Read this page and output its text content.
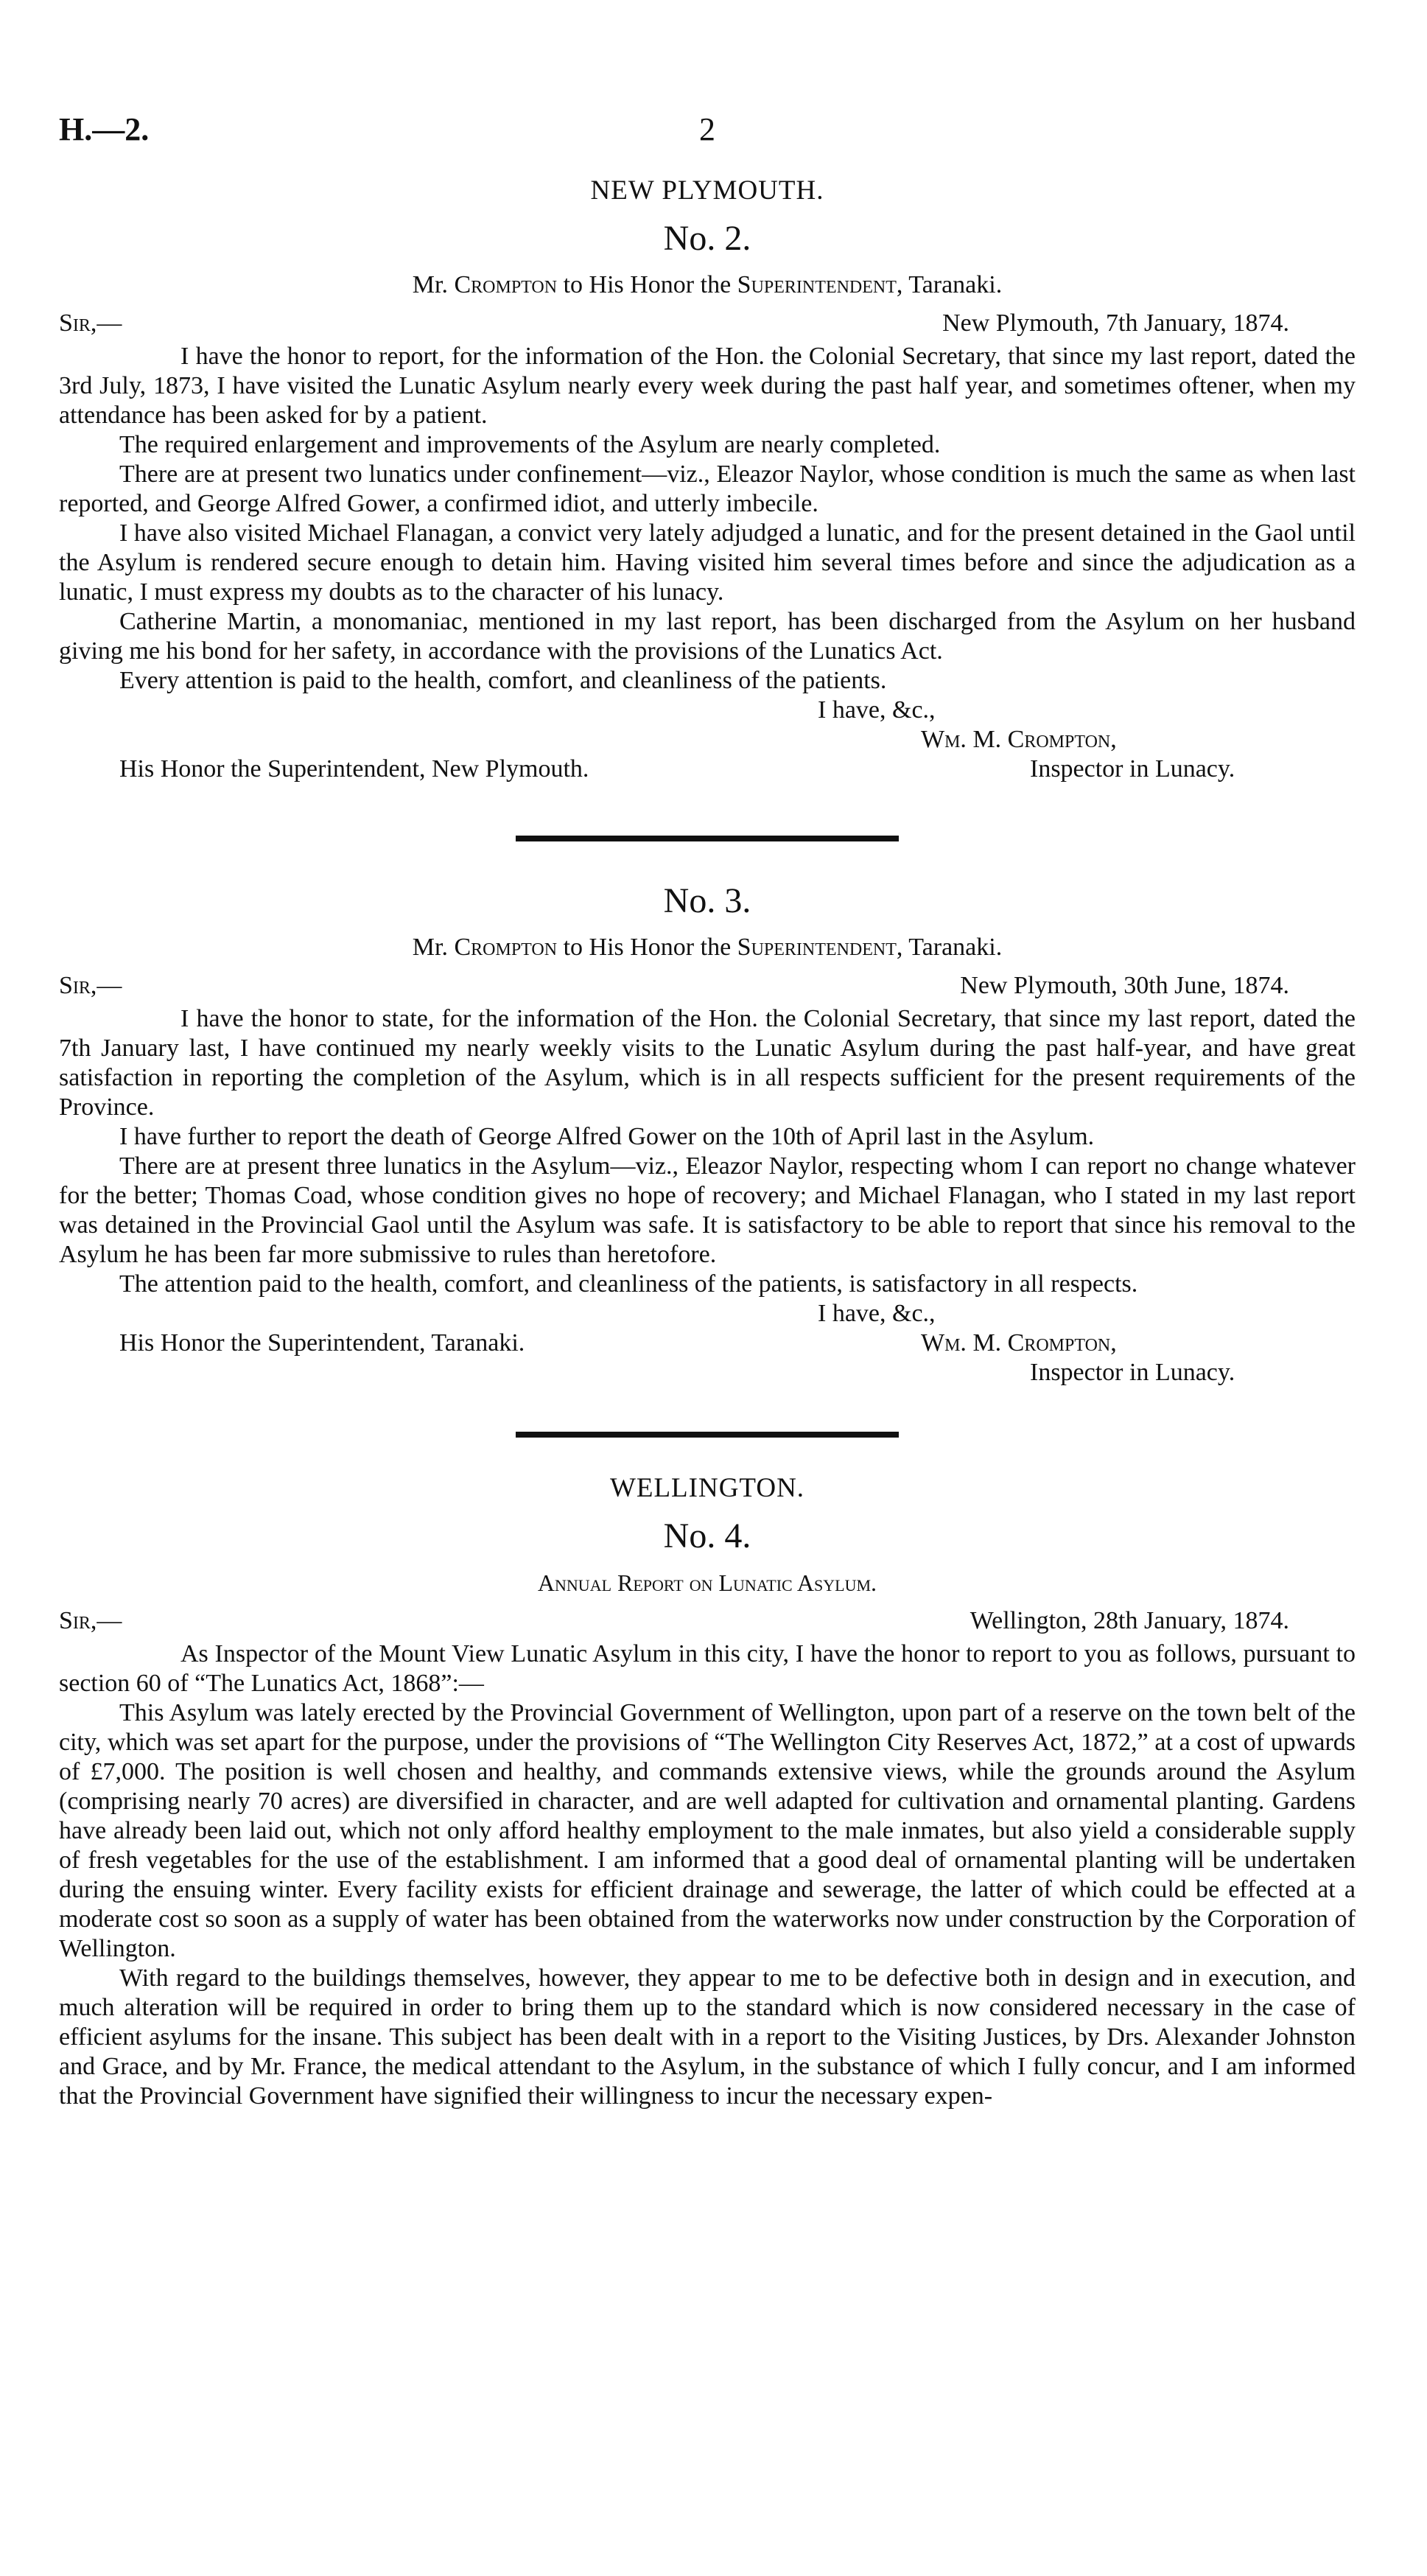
H.—2.	2
NEW PLYMOUTH.
No. 2.
Mr. Crompton to His Honor the Superintendent, Taranaki.
Sir,—	New Plymouth, 7th January, 1874.

I have the honor to report, for the information of the Hon. the Colonial Secretary, that since my last report, dated the 3rd July, 1873, I have visited the Lunatic Asylum nearly every week during the past half year, and sometimes oftener, when my attendance has been asked for by a patient.

The required enlargement and improvements of the Asylum are nearly completed.

There are at present two lunatics under confinement—viz., Eleazor Naylor, whose condition is much the same as when last reported, and George Alfred Gower, a confirmed idiot, and utterly imbecile.

I have also visited Michael Flanagan, a convict very lately adjudged a lunatic, and for the present detained in the Gaol until the Asylum is rendered secure enough to detain him. Having visited him several times before and since the adjudication as a lunatic, I must express my doubts as to the character of his lunacy.

Catherine Martin, a monomaniac, mentioned in my last report, has been discharged from the Asylum on her husband giving me his bond for her safety, in accordance with the provisions of the Lunatics Act.

Every attention is paid to the health, comfort, and cleanliness of the patients.

I have, &c.,
Wm. M. Crompton,
His Honor the Superintendent, New Plymouth.	Inspector in Lunacy.
No. 3.
Mr. Crompton to His Honor the Superintendent, Taranaki.
Sir,—	New Plymouth, 30th June, 1874.

I have the honor to state, for the information of the Hon. the Colonial Secretary, that since my last report, dated the 7th January last, I have continued my nearly weekly visits to the Lunatic Asylum during the past half-year, and have great satisfaction in reporting the completion of the Asylum, which is in all respects sufficient for the present requirements of the Province.

I have further to report the death of George Alfred Gower on the 10th of April last in the Asylum.

There are at present three lunatics in the Asylum—viz., Eleazor Naylor, respecting whom I can report no change whatever for the better; Thomas Coad, whose condition gives no hope of recovery; and Michael Flanagan, who I stated in my last report was detained in the Provincial Gaol until the Asylum was safe. It is satisfactory to be able to report that since his removal to the Asylum he has been far more submissive to rules than heretofore.

The attention paid to the health, comfort, and cleanliness of the patients, is satisfactory in all respects.

I have, &c.,
His Honor the Superintendent, Taranaki.	Wm. M. Crompton,
Inspector in Lunacy.
WELLINGTON.
No. 4.
Annual Report on Lunatic Asylum.
Sir,—	Wellington, 28th January, 1874.

As Inspector of the Mount View Lunatic Asylum in this city, I have the honor to report to you as follows, pursuant to section 60 of “The Lunatics Act, 1868”:—

This Asylum was lately erected by the Provincial Government of Wellington, upon part of a reserve on the town belt of the city, which was set apart for the purpose, under the provisions of “The Wellington City Reserves Act, 1872,” at a cost of upwards of £7,000. The position is well chosen and healthy, and commands extensive views, while the grounds around the Asylum (comprising nearly 70 acres) are diversified in character, and are well adapted for cultivation and ornamental planting. Gardens have already been laid out, which not only afford healthy employment to the male inmates, but also yield a considerable supply of fresh vegetables for the use of the establishment. I am informed that a good deal of ornamental planting will be undertaken during the ensuing winter. Every facility exists for efficient drainage and sewerage, the latter of which could be effected at a moderate cost so soon as a supply of water has been obtained from the waterworks now under construction by the Corporation of Wellington.

With regard to the buildings themselves, however, they appear to me to be defective both in design and in execution, and much alteration will be required in order to bring them up to the standard which is now considered necessary in the case of efficient asylums for the insane. This subject has been dealt with in a report to the Visiting Justices, by Drs. Alexander Johnston and Grace, and by Mr. France, the medical attendant to the Asylum, in the substance of which I fully concur, and I am informed that the Provincial Government have signified their willingness to incur the necessary expen-
